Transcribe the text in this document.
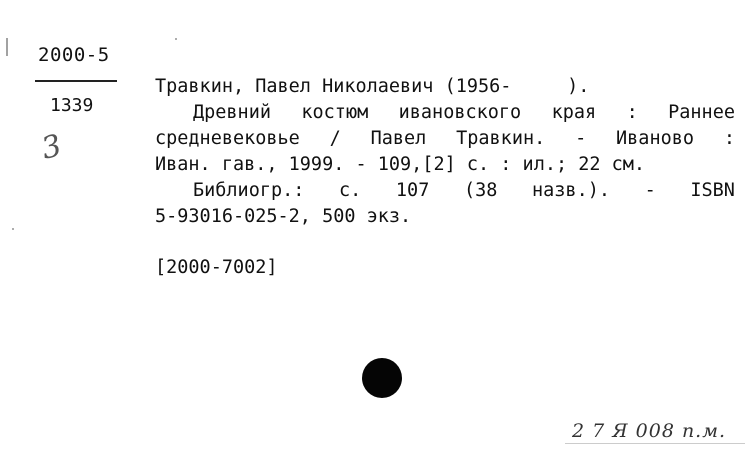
2000-5
1339
3
Травкин, Павел Николаевич (1956-     ).
Древний костюм ивановского края : Раннее
средневековье / Павел Травкин. - Иваново :
Иван. гав., 1999. - 109,[2] с. : ил.; 22 см.
Библиогр.: с. 107 (38 назв.). - ISBN
5-93016-025-2, 500 экз.
[2000-7002]
2 7 Я 008 п.м.
